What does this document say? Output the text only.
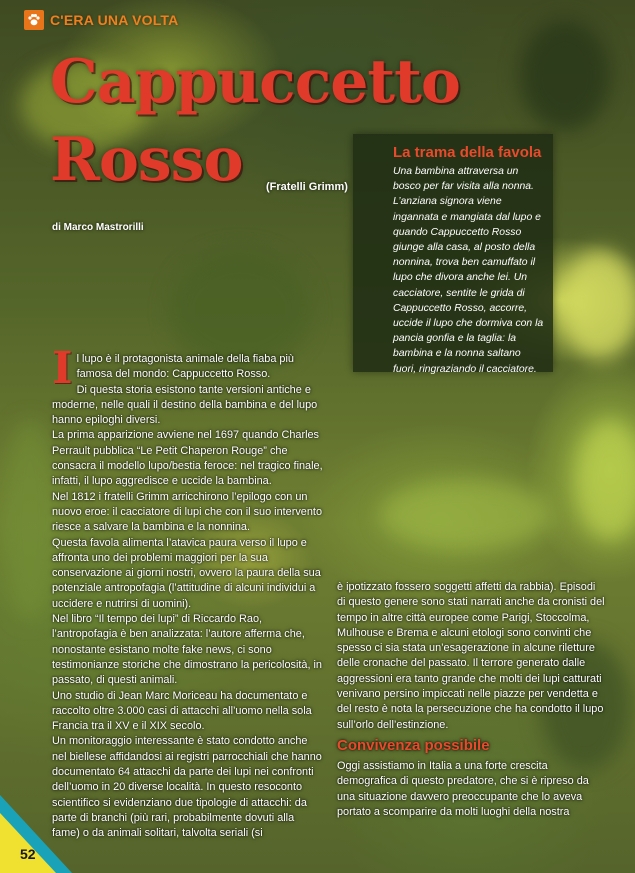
C'ERA UNA VOLTA
Cappuccetto
Rosso (Fratelli Grimm)
di Marco Mastrorilli
La trama della favola
Una bambina attraversa un bosco per far visita alla nonna. L’anziana signora viene ingannata e mangiata dal lupo e quando Cappuccetto Rosso giunge alla casa, al posto della nonnina, trova ben camuffato il lupo che divora anche lei. Un cacciatore, sentite le grida di Cappuccetto Rosso, accorre, uccide il lupo che dormiva con la pancia gonfia e la taglia: la bambina e la nonna saltano fuori, ringraziando il cacciatore.

Il lupo è il protagonista animale della fiaba più famosa del mondo: Cappuccetto Rosso.

Di questa storia esistono tante versioni antiche e moderne, nelle quali il destino della bambina e del lupo hanno epiloghi diversi.

La prima apparizione avviene nel 1697 quando Charles Perrault pubblica “Le Petit Chaperon Rouge” che consacra il modello lupo/bestia feroce: nel tragico finale, infatti, il lupo aggredisce e uccide la bambina.

Nel 1812 i fratelli Grimm arricchirono l’epilogo con un nuovo eroe: il cacciatore di lupi che con il suo intervento riesce a salvare la bambina e la nonnina.

Questa favola alimenta l’atavica paura verso il lupo e affronta uno dei problemi maggiori per la sua conservazione ai giorni nostri, ovvero la paura della sua potenziale antropofagia (l’attitudine di alcuni individui a uccidere e nutrirsi di uomini).

Nel libro “Il tempo dei lupi” di Riccardo Rao, l’antropofagia è ben analizzata: l’autore afferma che, nonostante esistano molte fake news, ci sono testimonianze storiche che dimostrano la pericolosità, in passato, di questi animali.

Uno studio di Jean Marc Moriceau ha documentato e raccolto oltre 3.000 casi di attacchi all’uomo nella sola Francia tra il XV e il XIX secolo.

Un monitoraggio interessante è stato condotto anche nel biellese affidandosi ai registri parrocchiali che hanno documentato 64 attacchi da parte dei lupi nei confronti dell’uomo in 20 diverse località. In questo resoconto scientifico si evidenziano due tipologie di attacchi: da parte di branchi (più rari, probabilmente dovuti alla fame) o da animali solitari, talvolta seriali (si

è ipotizzato fossero soggetti affetti da rabbia). Episodi di questo genere sono stati narrati anche da cronisti del tempo in altre città europee come Parigi, Stoccolma, Mulhouse e Brema e alcuni etologi sono convinti che spesso ci sia stata un’esagerazione in alcune riletture delle cronache del passato. Il terrore generato dalle aggressioni era tanto grande che molti dei lupi catturati venivano persino impiccati nelle piazze per vendetta e del resto è nota la persecuzione che ha condotto il lupo sull’orlo dell’estinzione.

Convivenza possibile

Oggi assistiamo in Italia a una forte crescita demografica di questo predatore, che si è ripreso da una situazione davvero preoccupante che lo aveva portato a scomparire da molti luoghi della nostra

52
